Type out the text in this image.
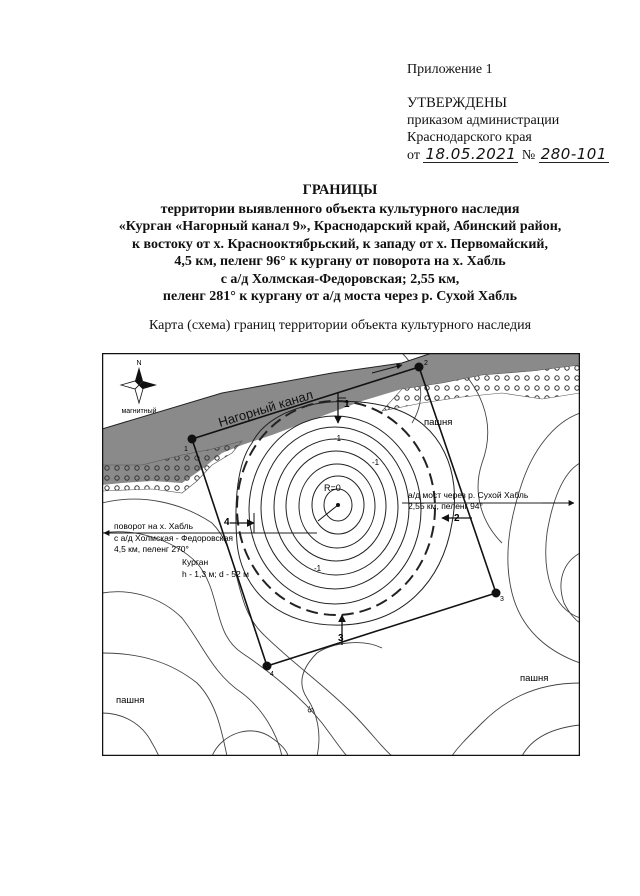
Приложение 1
УТВЕРЖДЕНЫ
приказом администрации
Краснодарского края
от 18.05.2021 № 280-101
ГРАНИЦЫ
территории выявленного объекта культурного наследия
«Курган «Нагорный канал 9», Краснодарский край, Абинский район,
к востоку от х. Краснооктябрьский, к западу от х. Первомайский,
4,5 км, пеленг 96° к кургану от поворота на х. Хабль
с а/д Холмская-Федоровская; 2,55 км,
пеленг 281° к кургану от а/д моста через р. Сухой Хабль
Карта (схема) границ территории объекта культурного наследия
N
магнитный	Нагорный канал	пашня
пашня
пашня
R=0
-1
-1
-1
-5
а/д мост через р. Сухой Хабль
2,55 км, пеленг 94°
поворот на х. Хабль
с а/д Холмская - Федоровская
4,5 км, пеленг 270°
Курган
h - 1,3 м; d - 52 м
1
2
3
4
1
2
3
4
